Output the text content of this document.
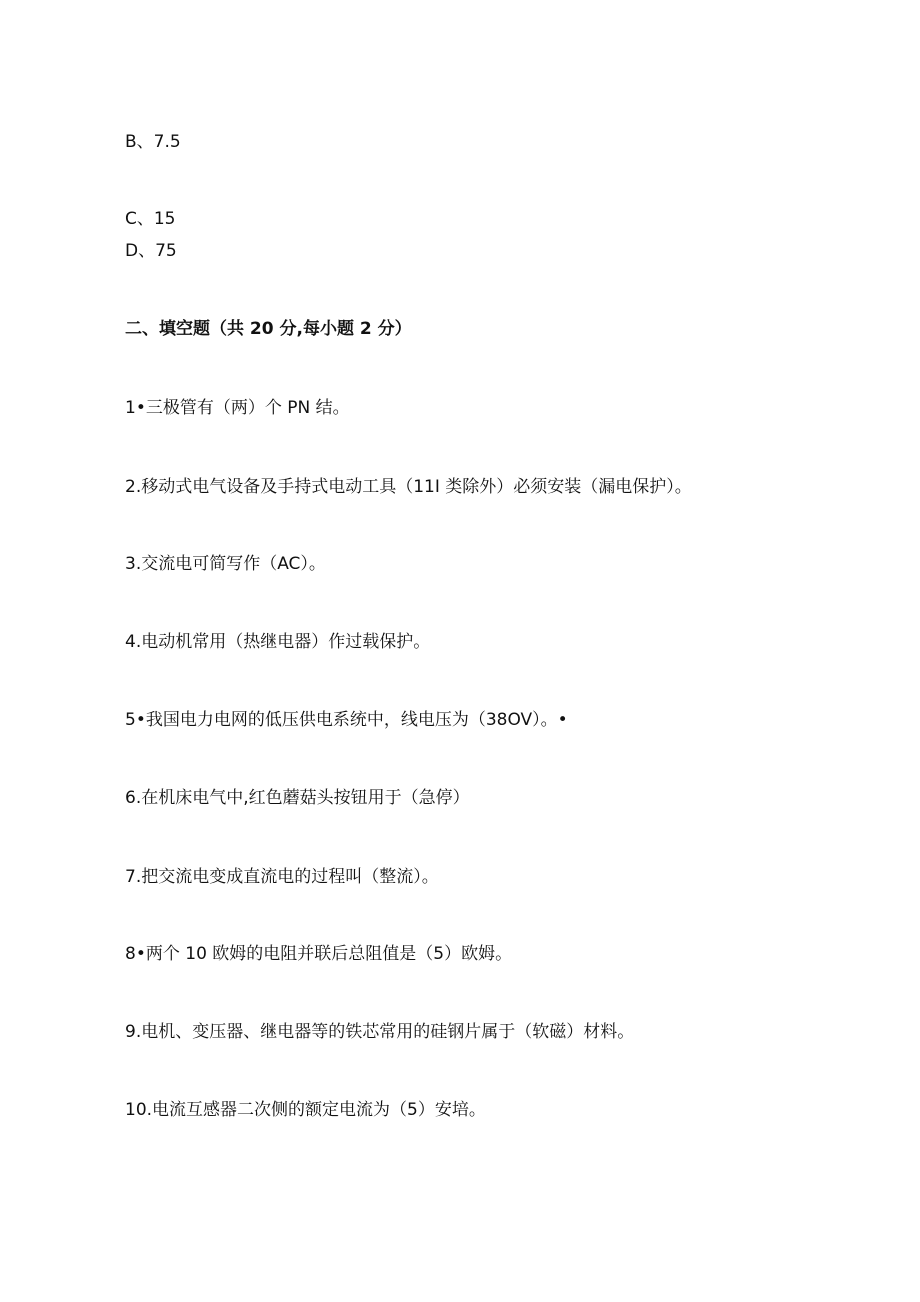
B、7.5
C、15
D、75
二、填空题（共 20 分,每小题 2 分）
1•三极管有（两）个 PN 结。
2.移动式电气设备及手持式电动工具（11I 类除外）必须安装（漏电保护）。
3.交流电可简写作（AC）。
4.电动机常用（热继电器）作过载保护。
5•我国电力电网的低压供电系统中，线电压为（38OV）。•
6.在机床电气中,红色蘑菇头按钮用于（急停）
7.把交流电变成直流电的过程叫（整流）。
8•两个 10 欧姆的电阻并联后总阻值是（5）欧姆。
9.电机、变压器、继电器等的铁芯常用的硅钢片属于（软磁）材料。
10.电流互感器二次侧的额定电流为（5）安培。
